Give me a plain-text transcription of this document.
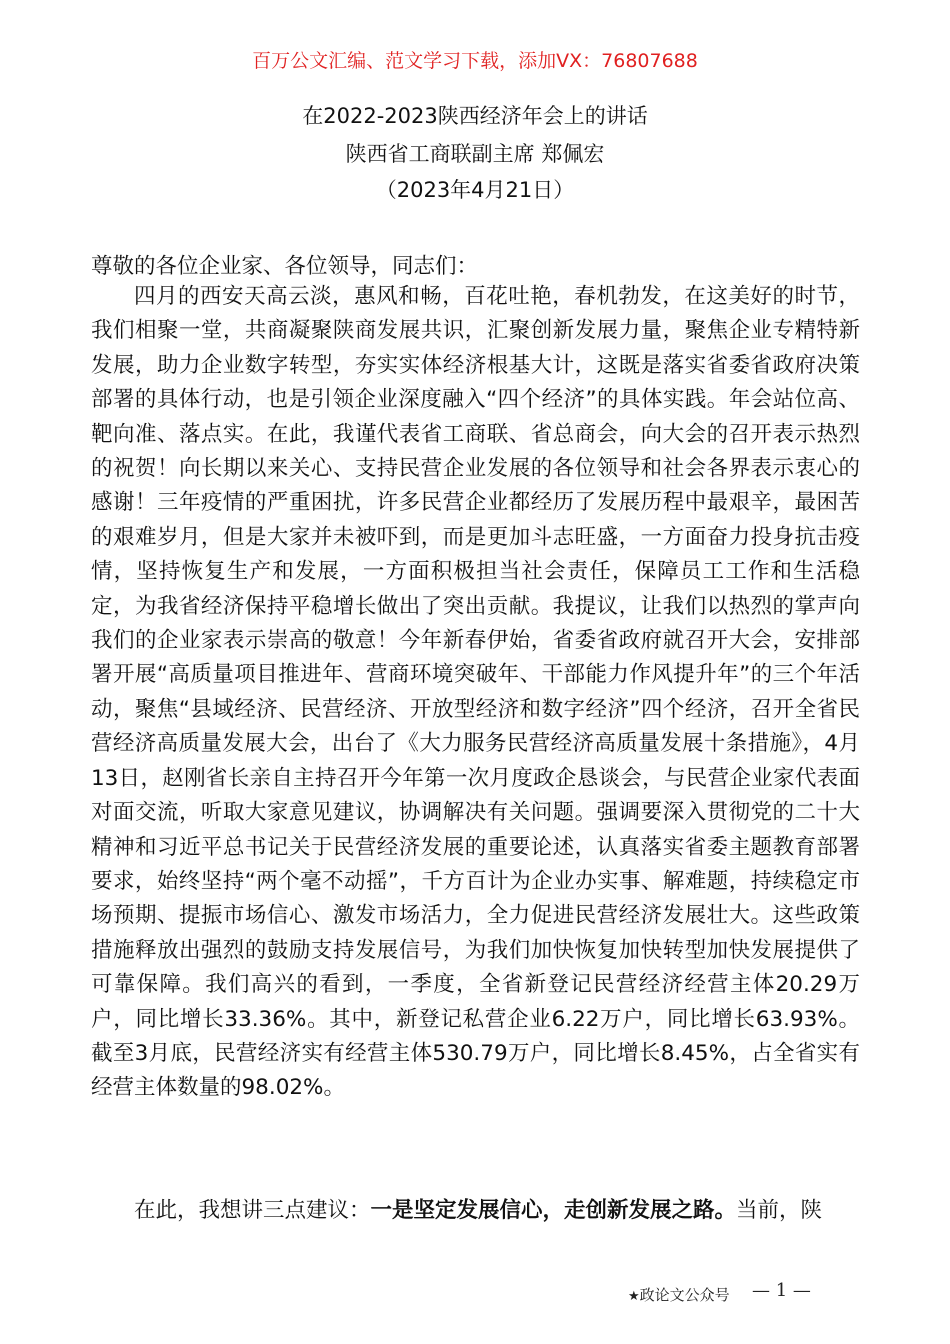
百万公文汇编、范文学习下载，添加VX：76807688
在2022-2023陕西经济年会上的讲话
陕西省工商联副主席 郑佩宏
（2023年4月21日）
尊敬的各位企业家、各位领导，同志们：

四月的西安天高云淡，惠风和畅，百花吐艳，春机勃发，在这美好的时节，我们相聚一堂，共商凝聚陕商发展共识，汇聚创新发展力量，聚焦企业专精特新发展，助力企业数字转型，夯实实体经济根基大计，这既是落实省委省政府决策部署的具体行动，也是引领企业深度融入“四个经济”的具体实践。年会站位高、靶向准、落点实。在此，我谨代表省工商联、省总商会，向大会的召开表示热烈的祝贺！向长期以来关心、支持民营企业发展的各位领导和社会各界表示衷心的感谢！三年疫情的严重困扰，许多民营企业都经历了发展历程中最艰辛，最困苦的艰难岁月，但是大家并未被吓到，而是更加斗志旺盛，一方面奋力投身抗击疫情，坚持恢复生产和发展，一方面积极担当社会责任，保障员工工作和生活稳定，为我省经济保持平稳增长做出了突出贡献。我提议，让我们以热烈的掌声向我们的企业家表示崇高的敬意！今年新春伊始，省委省政府就召开大会，安排部署开展“高质量项目推进年、营商环境突破年、干部能力作风提升年”的三个年活动，聚焦“县域经济、民营经济、开放型经济和数字经济”四个经济，召开全省民营经济高质量发展大会，出台了《大力服务民营经济高质量发展十条措施》，4月13日，赵刚省长亲自主持召开今年第一次月度政企恳谈会，与民营企业家代表面对面交流，听取大家意见建议，协调解决有关问题。强调要深入贯彻党的二十大精神和习近平总书记关于民营经济发展的重要论述，认真落实省委主题教育部署要求，始终坚持“两个毫不动摇”，千方百计为企业办实事、解难题，持续稳定市场预期、提振市场信心、激发市场活力，全力促进民营经济发展壮大。这些政策措施释放出强烈的鼓励支持发展信号，为我们加快恢复加快转型加快发展提供了可靠保障。我们高兴的看到，一季度，全省新登记民营经济经营主体20.29万户，同比增长33.36%。其中，新登记私营企业6.22万户，同比增长63.93%。截至3月底，民营经济实有经营主体530.79万户，同比增长8.45%，占全省实有经营主体数量的98.02%。

在此，我想讲三点建议：一是坚定发展信心，走创新发展之路。当前，陕

★政论文公众号 — 1 —
